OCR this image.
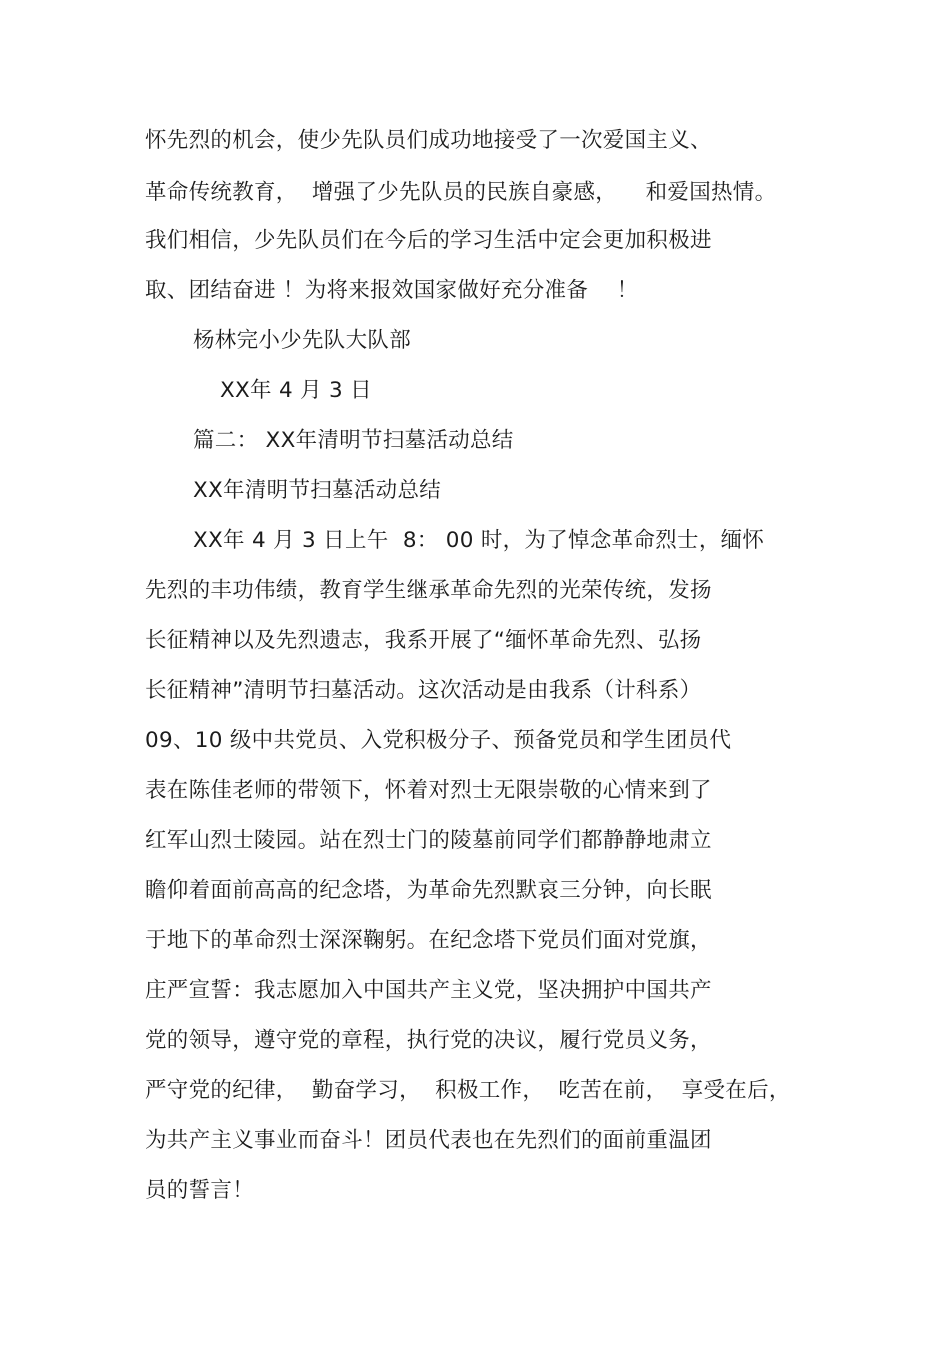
怀先烈的机会，使少先队员们成功地接受了一次爱国主义、
革命传统教育，  增强了少先队员的民族自豪感，    和爱国热情。
我们相信，少先队员们在今后的学习生活中定会更加积极进
取、团结奋进 ！为将来报效国家做好充分准备    ！
杨林完小少先队大队部
XX年 4 月 3 日
篇二： XX年清明节扫墓活动总结
XX年清明节扫墓活动总结
XX年 4 月 3 日上午  8： 00 时，为了悼念革命烈士，缅怀
先烈的丰功伟绩，教育学生继承革命先烈的光荣传统，发扬
长征精神以及先烈遗志，我系开展了“缅怀革命先烈、弘扬
长征精神”清明节扫墓活动。这次活动是由我系（计科系）
09、10 级中共党员、入党积极分子、预备党员和学生团员代
表在陈佳老师的带领下，怀着对烈士无限崇敬的心情来到了
红军山烈士陵园。站在烈士门的陵墓前同学们都静静地肃立
瞻仰着面前高高的纪念塔，为革命先烈默哀三分钟，向长眠
于地下的革命烈士深深鞠躬。在纪念塔下党员们面对党旗，
庄严宣誓：我志愿加入中国共产主义党，坚决拥护中国共产
党的领导，遵守党的章程，执行党的决议，履行党员义务，
严守党的纪律，  勤奋学习，  积极工作，  吃苦在前，  享受在后，
为共产主义事业而奋斗！团员代表也在先烈们的面前重温团
员的誓言！
